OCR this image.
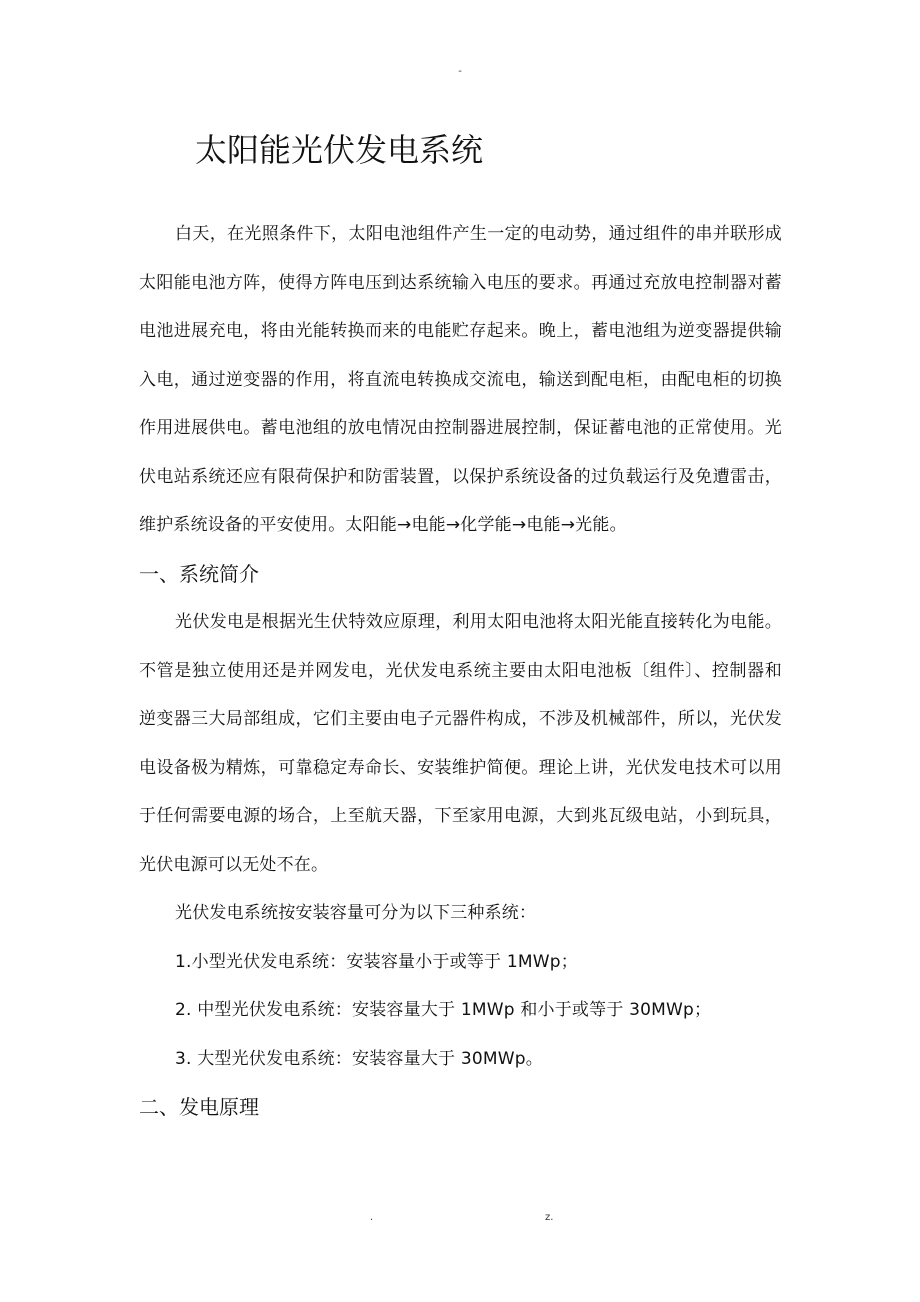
-
太阳能光伏发电系统

白天，在光照条件下，太阳电池组件产生一定的电动势，通过组件的串并联形成太阳能电池方阵，使得方阵电压到达系统输入电压的要求。再通过充放电控制器对蓄电池进展充电，将由光能转换而来的电能贮存起来。晚上，蓄电池组为逆变器提供输入电，通过逆变器的作用，将直流电转换成交流电，输送到配电柜，由配电柜的切换作用进展供电。蓄电池组的放电情况由控制器进展控制，保证蓄电池的正常使用。光伏电站系统还应有限荷保护和防雷装置，以保护系统设备的过负载运行及免遭雷击，维护系统设备的平安使用。太阳能→电能→化学能→电能→光能。

一、系统简介

光伏发电是根据光生伏特效应原理，利用太阳电池将太阳光能直接转化为电能。不管是独立使用还是并网发电，光伏发电系统主要由太阳电池板〔组件〕、控制器和逆变器三大局部组成，它们主要由电子元器件构成，不涉及机械部件，所以，光伏发电设备极为精炼，可靠稳定寿命长、安装维护简便。理论上讲，光伏发电技术可以用于任何需要电源的场合，上至航天器，下至家用电源，大到兆瓦级电站，小到玩具，光伏电源可以无处不在。

光伏发电系统按安装容量可分为以下三种系统：

1.小型光伏发电系统：安装容量小于或等于 1MWp；

2. 中型光伏发电系统：安装容量大于 1MWp 和小于或等于 30MWp；

3. 大型光伏发电系统：安装容量大于 30MWp。

二、发电原理
.	z.
